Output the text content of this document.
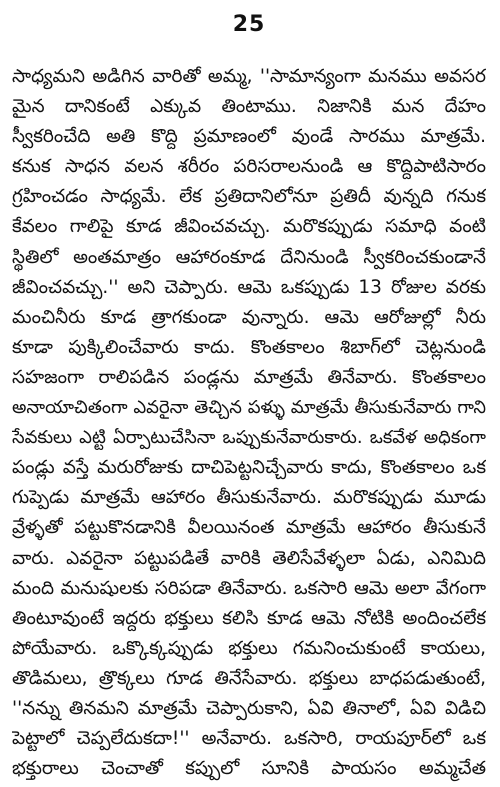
25
సాధ్యమని అడిగిన వారితో అమ్మ, ''సామాన్యంగా మనము అవసర
మైన దానికంటే ఎక్కువ తింటాము. నిజానికి మన దేహం
స్వీకరించేది అతి కొద్ది ప్రమాణంలో వుండే సారము మాత్రమే.
కనుక సాధన వలన శరీరం పరిసరాలనుండి ఆ కొద్దిపాటిసారం
గ్రహించడం సాధ్యమే. లేక ప్రతిదానిలోనూ ప్రతిదీ వున్నది గనుక
కేవలం గాలిపై కూడ జీవించవచ్చు. మరొకప్పుడు సమాధి వంటి
స్థితిలో అంతమాత్రం ఆహారంకూడ దేనినుండి స్వీకరించకుండానే
జీవించవచ్చు.'' అని చెప్పారు. ఆమె ఒకప్పుడు 13 రోజుల వరకు
మంచినీరు కూడ త్రాగకుండా వున్నారు. ఆమె ఆరోజుల్లో నీరు
కూడా పుక్కిలించేవారు కాదు. కొంతకాలం శిబాగ్‌లో చెట్లనుండి
సహజంగా రాలిపడిన పండ్లను మాత్రమే తినేవారు. కొంతకాలం
అనాయాచితంగా ఎవరైనా తెచ్చిన పళ్ళు మాత్రమే తీసుకునేవారు గాని
సేవకులు ఎట్టి ఏర్పాటుచేసినా ఒప్పుకునేవారుకారు. ఒకవేళ అధికంగా
పండ్లు వస్తే మరురోజుకు దాచిపెట్టనిచ్చేవారు కాదు, కొంతకాలం ఒక
గుప్పెడు మాత్రమే ఆహారం తీసుకునేవారు. మరొకప్పుడు మూడు
వ్రేళ్ళతో పట్టుకొనడానికి వీలయినంత మాత్రమే ఆహారం తీసుకునే
వారు. ఎవరైనా పట్టుపడితే వారికి తెలిసేవేళ్ళలా ఏడు, ఎనిమిది
మంది మనుషులకు సరిపడా తినేవారు. ఒకసారి ఆమె అలా వేగంగా
తింటూవుంటే ఇద్దరు భక్తులు కలిసి కూడ ఆమె నోటికి అందించలేక
పోయేవారు. ఒక్కొక్కప్పుడు భక్తులు గమనించుకుంటే కాయలు,
తొడిమలు, త్రొక్కలు గూడ తినేసేవారు. భక్తులు బాధపడుతుంటే,
''నన్ను తినమని మాత్రమే చెప్పారుకాని, ఏవి తినాలో, ఏవి విడిచి
పెట్టాలో చెప్పలేదుకదా!'' అనేవారు. ఒకసారి, రాయపూర్‌లో ఒక
భక్తురాలు చెంచాతో కప్పులో సూనికి పాయసం అమ్మచేత
